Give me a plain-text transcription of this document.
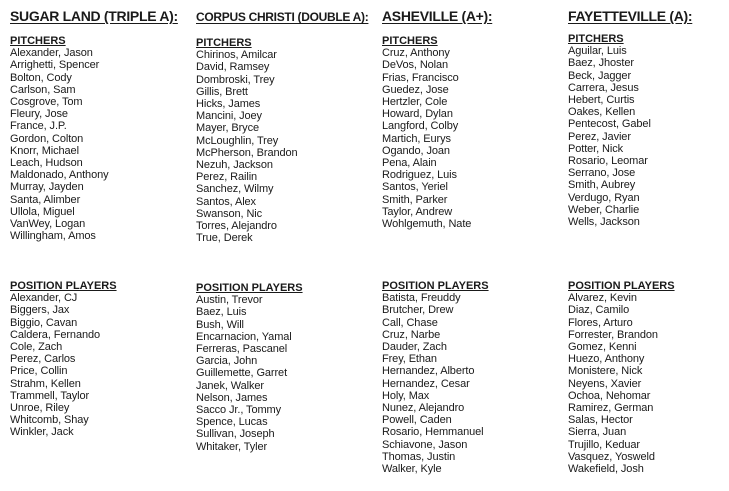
SUGAR LAND (TRIPLE A):
PITCHERS
Alexander, Jason
Arrighetti, Spencer
Bolton, Cody
Carlson, Sam
Cosgrove, Tom
Fleury, Jose
France, J.P.
Gordon, Colton
Knorr, Michael
Leach, Hudson
Maldonado, Anthony
Murray, Jayden
Santa, Alimber
Ullola, Miguel
VanWey, Logan
Willingham, Amos
POSITION PLAYERS
Alexander, CJ
Biggers, Jax
Biggio, Cavan
Caldera, Fernando
Cole, Zach
Perez, Carlos
Price, Collin
Strahm, Kellen
Trammell, Taylor
Unroe, Riley
Whitcomb, Shay
Winkler, Jack
CORPUS CHRISTI (DOUBLE A):
PITCHERS
Chirinos, Amilcar
David, Ramsey
Dombroski, Trey
Gillis, Brett
Hicks, James
Mancini, Joey
Mayer, Bryce
McLoughlin, Trey
McPherson, Brandon
Nezuh, Jackson
Perez, Railin
Sanchez, Wilmy
Santos, Alex
Swanson, Nic
Torres, Alejandro
True, Derek
POSITION PLAYERS
Austin, Trevor
Baez, Luis
Bush, Will
Encarnacion, Yamal
Ferreras, Pascanel
Garcia, John
Guillemette, Garret
Janek, Walker
Nelson, James
Sacco Jr., Tommy
Spence, Lucas
Sullivan, Joseph
Whitaker, Tyler
ASHEVILLE (A+):
PITCHERS
Cruz, Anthony
DeVos, Nolan
Frias, Francisco
Guedez, Jose
Hertzler, Cole
Howard, Dylan
Langford, Colby
Martich, Eurys
Ogando, Joan
Pena, Alain
Rodriguez, Luis
Santos, Yeriel
Smith, Parker
Taylor, Andrew
Wohlgemuth, Nate
POSITION PLAYERS
Batista, Freuddy
Brutcher, Drew
Call, Chase
Cruz, Narbe
Dauder, Zach
Frey, Ethan
Hernandez, Alberto
Hernandez, Cesar
Holy, Max
Nunez, Alejandro
Powell, Caden
Rosario, Hemmanuel
Schiavone, Jason
Thomas, Justin
Walker, Kyle
FAYETTEVILLE (A):
PITCHERS
Aguilar, Luis
Baez, Jhoster
Beck, Jagger
Carrera, Jesus
Hebert, Curtis
Oakes, Kellen
Pentecost, Gabel
Perez, Javier
Potter, Nick
Rosario, Leomar
Serrano, Jose
Smith, Aubrey
Verdugo, Ryan
Weber, Charlie
Wells, Jackson
POSITION PLAYERS
Alvarez, Kevin
Diaz, Camilo
Flores, Arturo
Forrester, Brandon
Gomez, Kenni
Huezo, Anthony
Monistere, Nick
Neyens, Xavier
Ochoa, Nehomar
Ramirez, German
Salas, Hector
Sierra, Juan
Trujillo, Keduar
Vasquez, Yosweld
Wakefield, Josh
